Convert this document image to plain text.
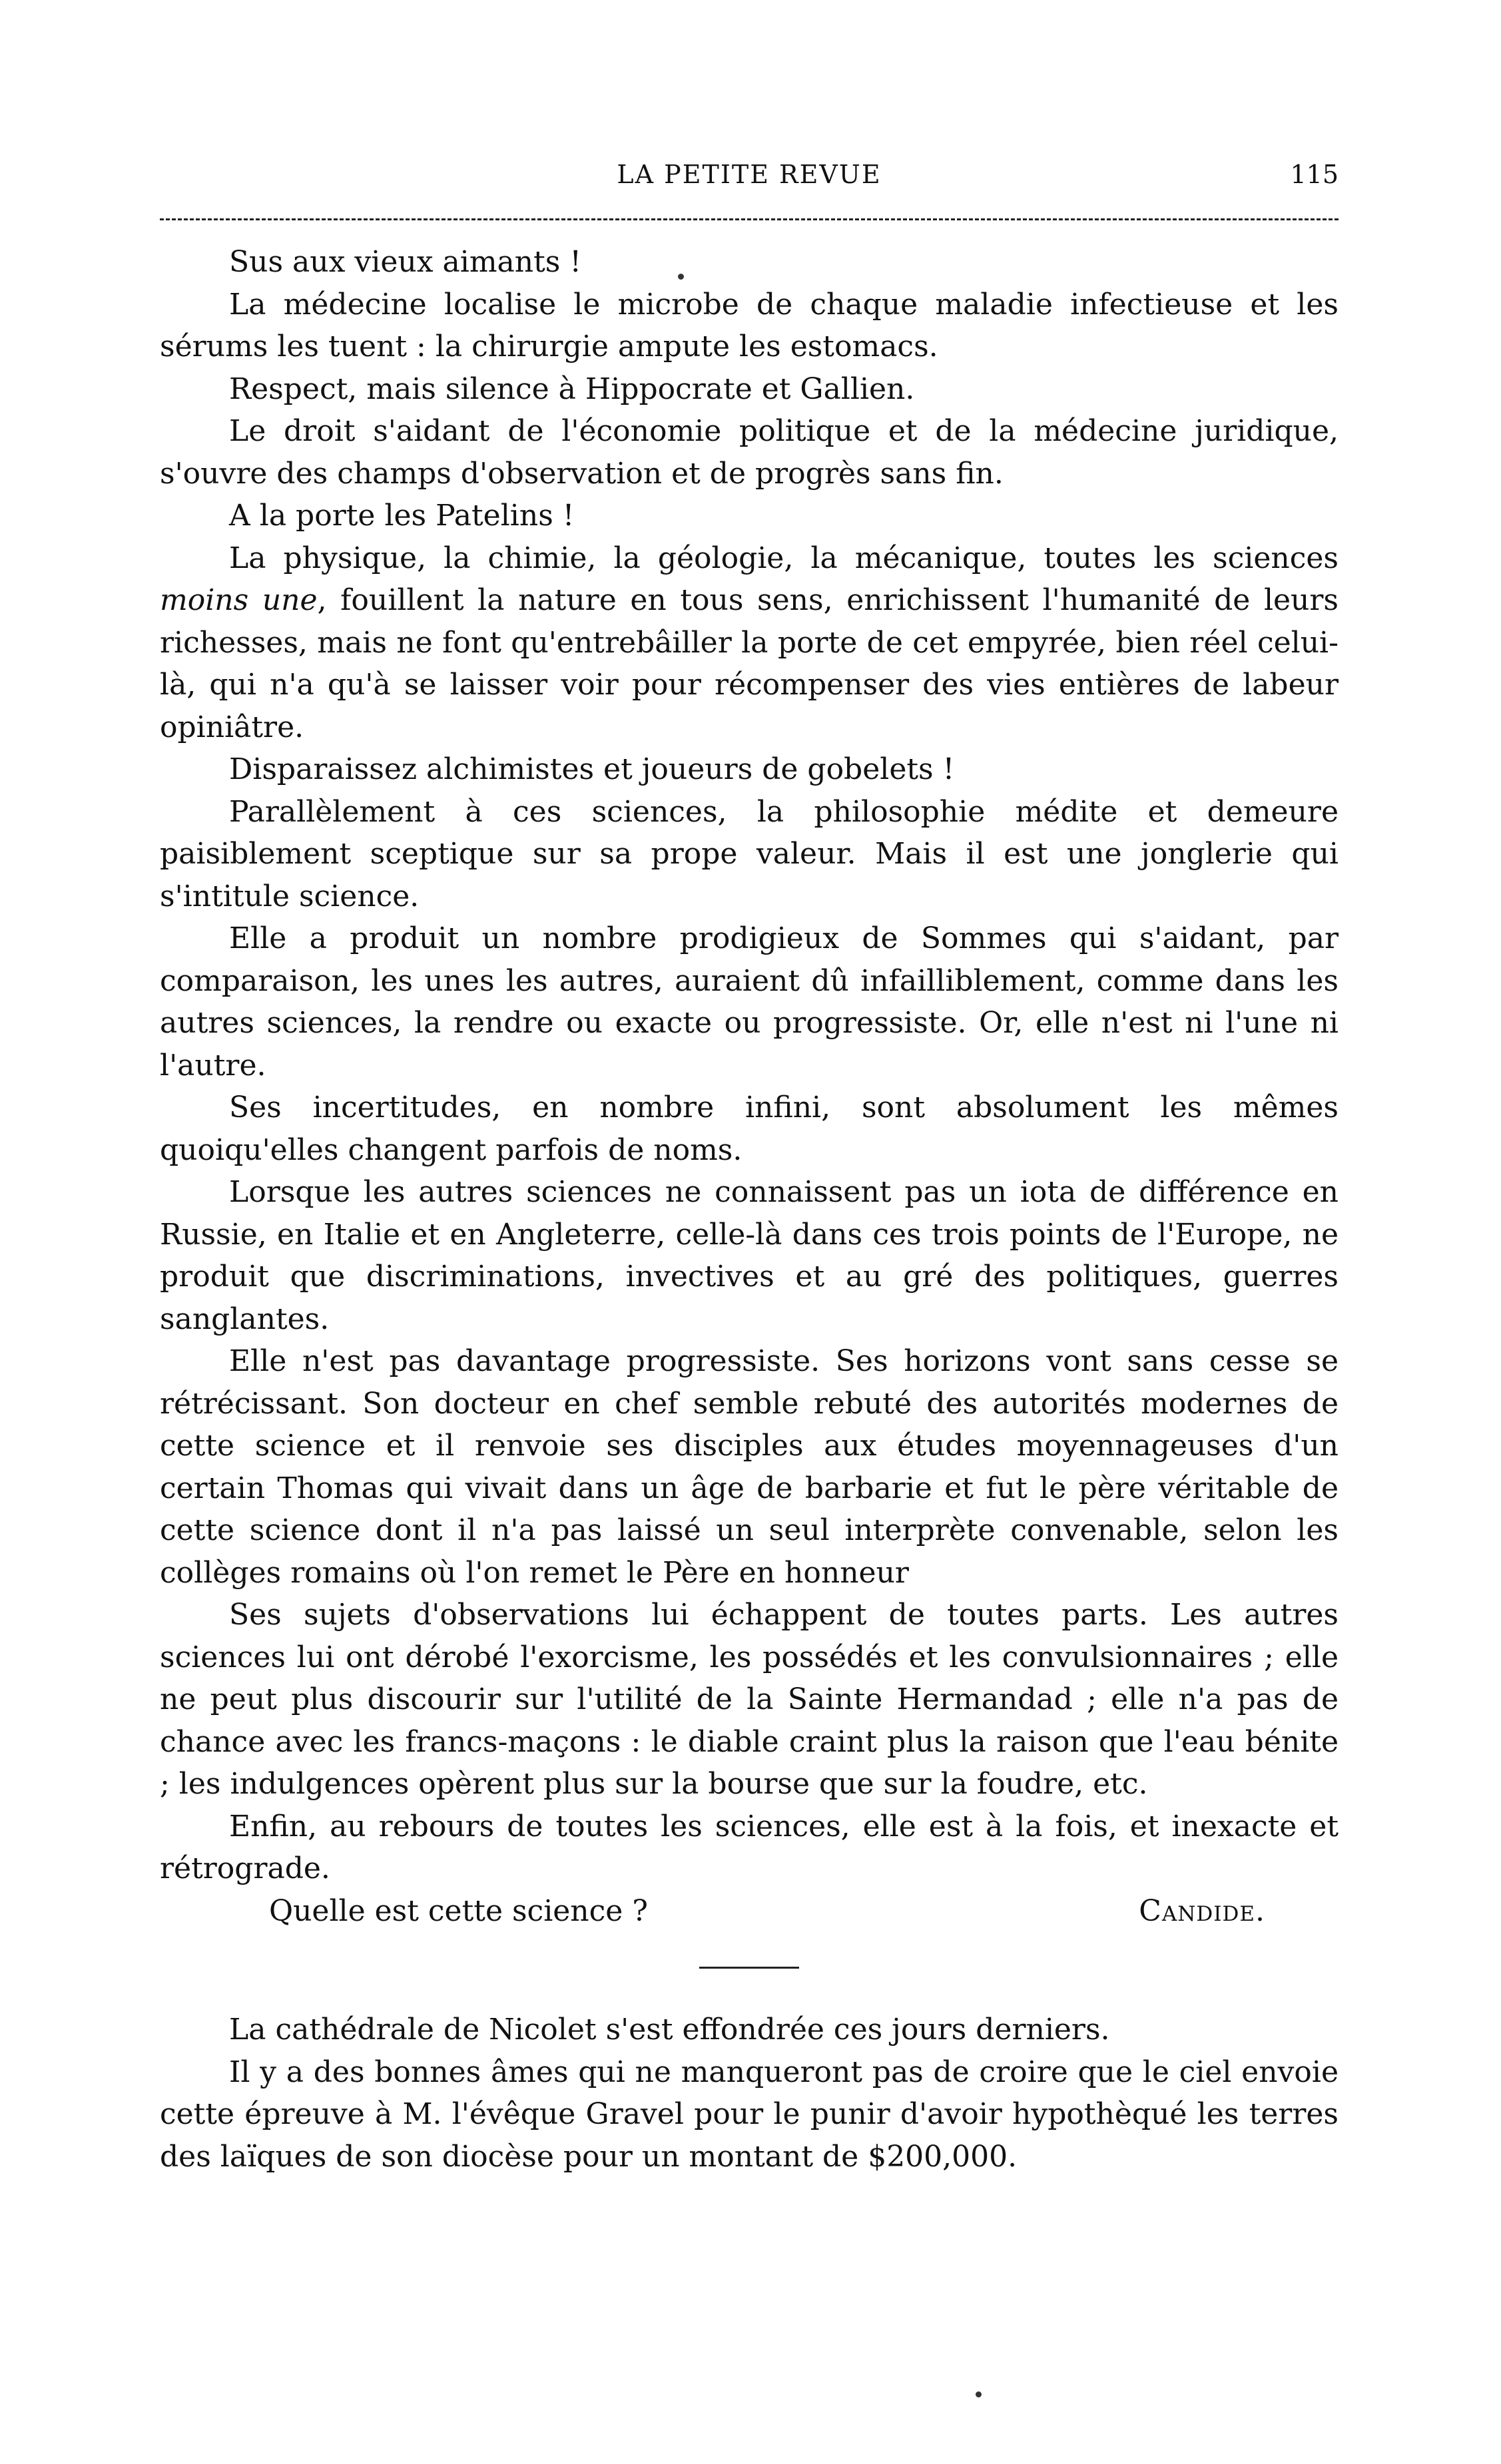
LA PETITE REVUE	115

Sus aux vieux aimants !

La médecine localise le microbe de chaque maladie infectieuse et les sérums les tuent : la chirurgie ampute les estomacs.

Respect, mais silence à Hippocrate et Gallien.

Le droit s'aidant de l'économie politique et de la médecine juridique, s'ouvre des champs d'observation et de progrès sans fin.

A la porte les Patelins !

La physique, la chimie, la géologie, la mécanique, toutes les sciences moins une, fouillent la nature en tous sens, enrichissent l'humanité de leurs richesses, mais ne font qu'entrebâiller la porte de cet empyrée, bien réel celui-là, qui n'a qu'à se laisser voir pour récompenser des vies entières de labeur opiniâtre.

Disparaissez alchimistes et joueurs de gobelets !

Parallèlement à ces sciences, la philosophie médite et demeure paisiblement sceptique sur sa prope valeur. Mais il est une jonglerie qui s'intitule science.

Elle a produit un nombre prodigieux de Sommes qui s'aidant, par comparaison, les unes les autres, auraient dû infailliblement, comme dans les autres sciences, la rendre ou exacte ou progressiste. Or, elle n'est ni l'une ni l'autre.

Ses incertitudes, en nombre infini, sont absolument les mêmes quoiqu'elles changent parfois de noms.

Lorsque les autres sciences ne connaissent pas un iota de différence en Russie, en Italie et en Angleterre, celle-là dans ces trois points de l'Europe, ne produit que discriminations, invectives et au gré des politiques, guerres sanglantes.

Elle n'est pas davantage progressiste. Ses horizons vont sans cesse se rétrécissant. Son docteur en chef semble rebuté des autorités modernes de cette science et il renvoie ses disciples aux études moyennageuses d'un certain Thomas qui vivait dans un âge de barbarie et fut le père véritable de cette science dont il n'a pas laissé un seul interprète convenable, selon les collèges romains où l'on remet le Père en honneur

Ses sujets d'observations lui échappent de toutes parts. Les autres sciences lui ont dérobé l'exorcisme, les possédés et les convulsionnaires ; elle ne peut plus discourir sur l'utilité de la Sainte Hermandad ; elle n'a pas de chance avec les francs-maçons : le diable craint plus la raison que l'eau bénite ; les indulgences opèrent plus sur la bourse que sur la foudre, etc.

Enfin, au rebours de toutes les sciences, elle est à la fois, et inexacte et rétrograde.

Quelle est cette science ?	Candide.

La cathédrale de Nicolet s'est effondrée ces jours derniers.

Il y a des bonnes âmes qui ne manqueront pas de croire que le ciel envoie cette épreuve à M. l'évêque Gravel pour le punir d'avoir hypothèqué les terres des laïques de son diocèse pour un montant de $200,000.
